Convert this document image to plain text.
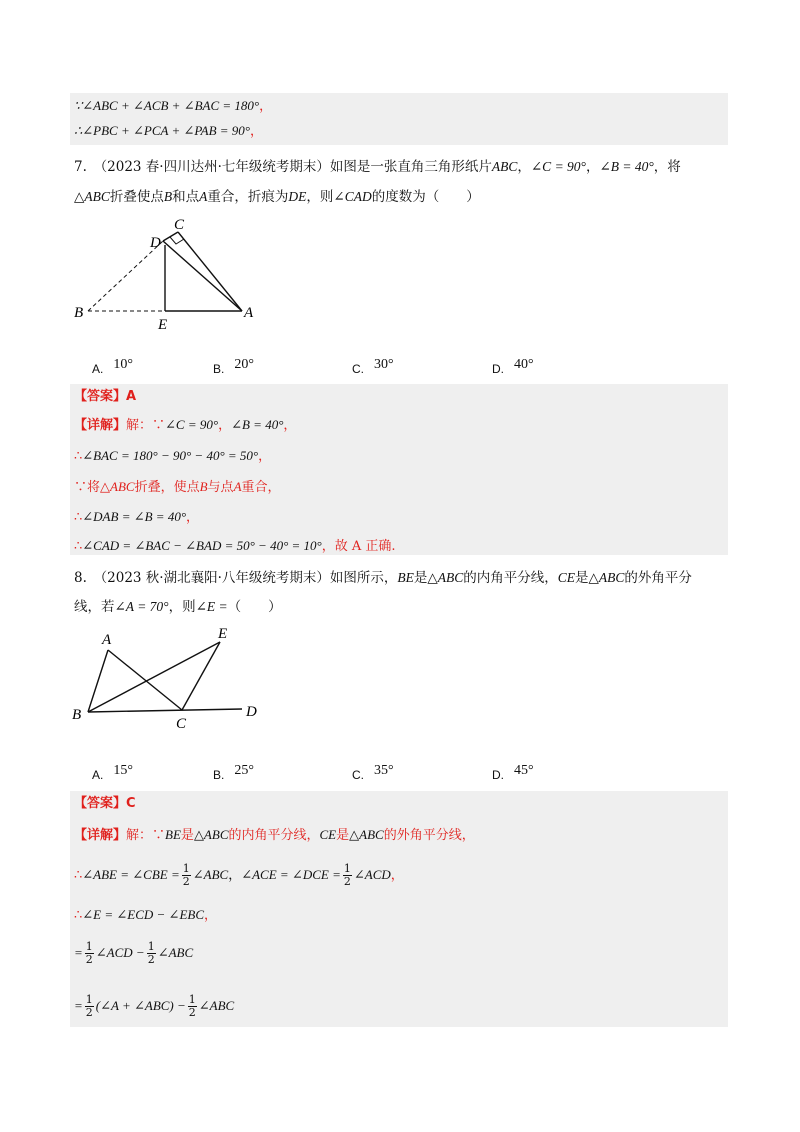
∵∠ABC + ∠ACB + ∠BAC = 180°，
∴∠PBC + ∠PCA + ∠PAB = 90°，
7.　 （2023 春·四川达州·七年级统考期末）如图是一张直角三角形纸片ABC，∠C = 90°，∠B = 40°，将
△ABC折叠使点B和点A重合，折痕为DE，则∠CAD的度数为（　　）
C
D
B
E
A
A. 10°	B. 20°	C. 30°	D. 40°
【答案】A
【详解】解：∵∠C = 90°，∠B = 40°，
∴∠BAC = 180° − 90° − 40° = 50°，
∵将△ABC折叠，使点B与点A重合，
∴∠DAB = ∠B = 40°，
∴∠CAD = ∠BAC − ∠BAD = 50° − 40° = 10°，故 A 正确.
8.　 （2023 秋·湖北襄阳·八年级统考期末）如图所示，BE是△ABC的内角平分线，CE是△ABC的外角平分
线，若∠A = 70°，则∠E =（　　）
A	E
B
C
D
A. 15°	B. 25°	C. 35°	D. 45°
【答案】C
【详解】解：∵BE是△ABC的内角平分线，CE是△ABC的外角平分线，
∴∠ABE = ∠CBE = $\frac{1}{2}$ ∠ABC，∠ACE = ∠DCE = $\frac{1}{2}$ ∠ACD，
∴∠E = ∠ECD − ∠EBC，
= $\frac{1}{2}$ ∠ACD − $\frac{1}{2}$ ∠ABC
= $\frac{1}{2}$ (∠A + ∠ABC) − $\frac{1}{2}$ ∠ABC
